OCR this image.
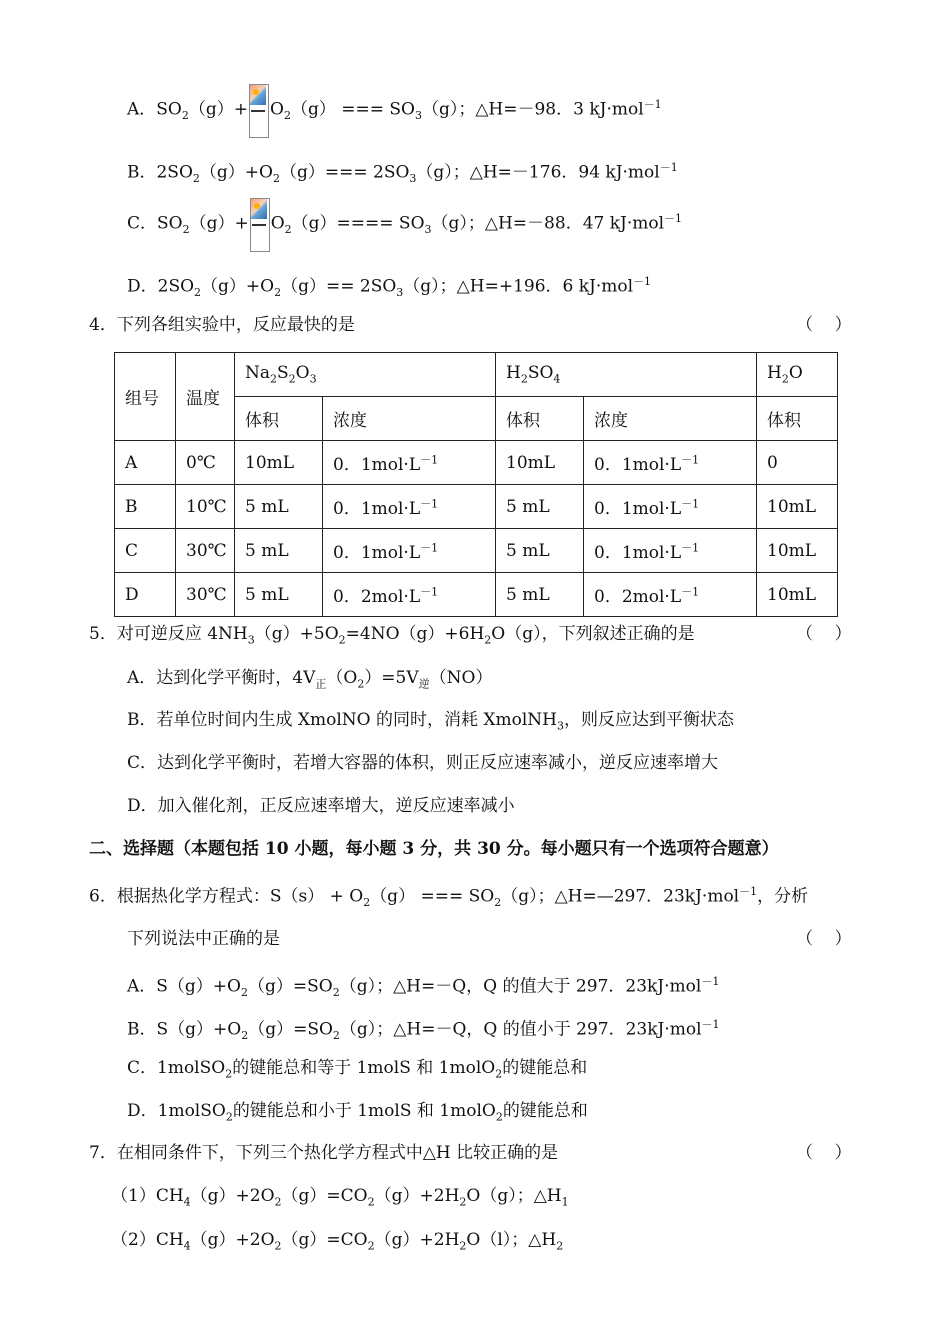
A．$SO_2(g)+ O_2(g)$ === $SO_3(g)$；△H=－98．3 kJ·mol$^{-1}$
B．$2SO_2(g)+O_2(g)=== 2SO_3(g)$；△H=－176．94 kJ·mol$^{-1}$
C．$SO_2(g)+ O_2(g)==== SO_3(g)$；△H=－88．47 kJ·mol$^{-1}$
D．$2SO_2(g)+O_2(g)== 2SO_3(g)$；△H=+196．6 kJ·mol$^{-1}$
4．下列各组实验中，反应最快的是	（    ）
组号	温度	$Na_2S_2O_3$		$H_2SO_4$		$H_2O$
		体积	浓度	体积	浓度	体积
A	0℃	10mL	0．$1mol\cdot L^{-1}$	10mL	0．$1mol\cdot L^{-1}$	0
B	10℃	5 mL	0．$1mol\cdot L^{-1}$	5 mL	0．$1mol\cdot L^{-1}$	10mL
C	30℃	5 mL	0．$1mol\cdot L^{-1}$	5 mL	0．$1mol\cdot L^{-1}$	10mL
D	30℃	5 mL	0．$2mol\cdot L^{-1}$	5 mL	0．$2mol\cdot L^{-1}$	10mL
5．对可逆反应 $4NH_3(g)+5O_2=4NO(g)+6H_2O(g)$，下列叙述正确的是	（    ）
A．达到化学平衡时，$4V_正(O_2)=5V_逆(NO)$
B．若单位时间内生成 XmolNO 的同时，消耗 XmolNH$_3$，则反应达到平衡状态
C．达到化学平衡时，若增大容器的体积，则正反应速率减小，逆反应速率增大
D．加入催化剂，正反应速率增大，逆反应速率减小
二、选择题（本题包括 10 小题，每小题 3 分，共 30 分。每小题只有一个选项符合题意）
6．根据热化学方程式：$S(s) + O_2(g)$ === $SO_2(g)$；△H=—297．23kJ·mol$^{-1}$，分析
下列说法中正确的是	（    ）
A．$S(g)+O_2(g)=SO_2(g)$；△H=－Q，Q 的值大于 297．23kJ·mol$^{-1}$
B．$S(g)+O_2(g)=SO_2(g)$；△H=－Q，Q 的值小于 297．23kJ·mol$^{-1}$
C．1molSO$_2$的键能总和等于 1molS 和 1molO$_2$的键能总和
D．1molSO$_2$的键能总和小于 1molS 和 1molO$_2$的键能总和
7．在相同条件下，下列三个热化学方程式中△H 比较正确的是	（    ）
$(1)CH_4(g)+2O_2(g)=CO_2(g)+2H_2O(g)$；$\triangle H_1$
$(2)CH_4(g)+2O_2(g)=CO_2(g)+2H_2O(l)$；$\triangle H_2$
